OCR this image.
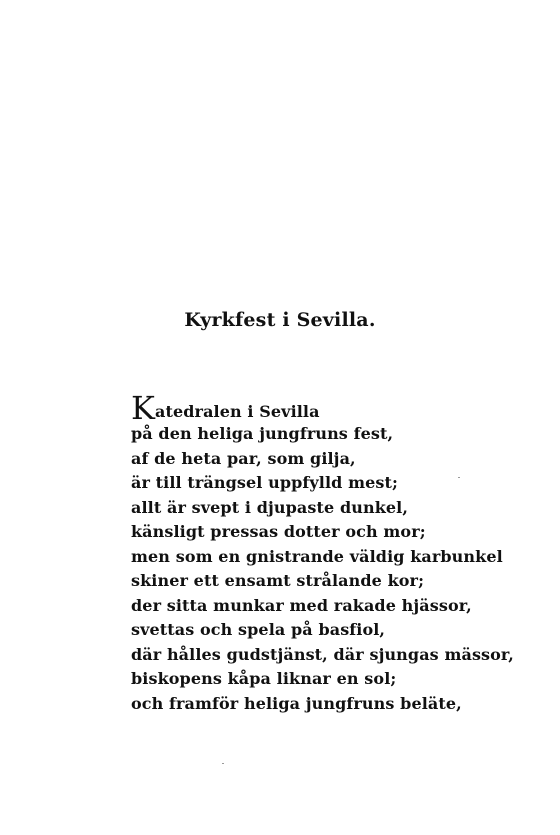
Kyrkfest i Sevilla.
Katedralen i Sevilla
på den heliga jungfruns fest,
af de heta par, som gilja,
är till trängsel uppfylld mest;
allt är svept i djupaste dunkel,
känsligt pressas dotter och mor;
men som en gnistrande väldig karbunkel
skiner ett ensamt strålande kor;
der sitta munkar med rakade hjässor,
svettas och spela på basfiol,
där hålles gudstjänst, där sjungas mässor,
biskopens kåpa liknar en sol;
och framför heliga jungfruns beläte,
